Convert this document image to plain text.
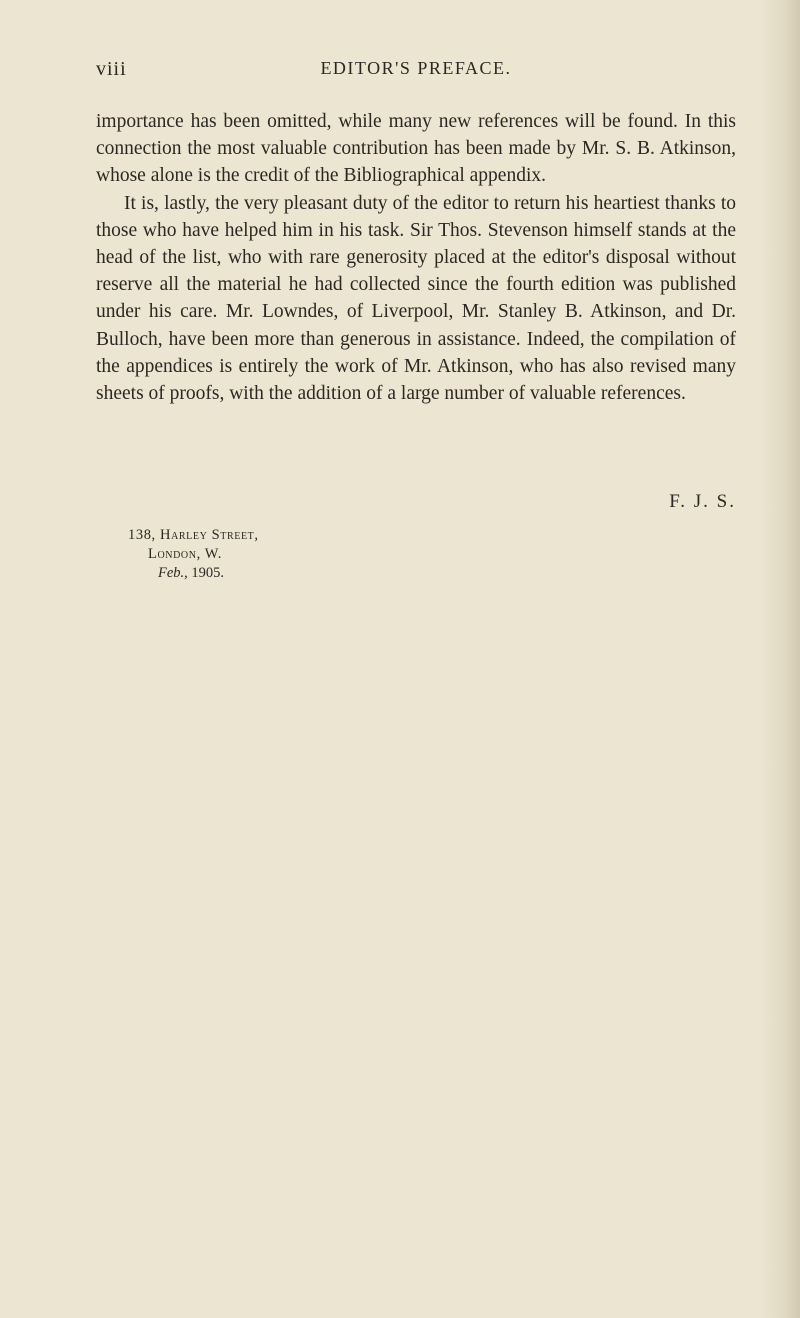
viii	EDITOR'S PREFACE.

importance has been omitted, while many new references will be found. In this connection the most valuable contribution has been made by Mr. S. B. Atkinson, whose alone is the credit of the Bibliographical appendix.

It is, lastly, the very pleasant duty of the editor to return his heartiest thanks to those who have helped him in his task. Sir Thos. Stevenson himself stands at the head of the list, who with rare generosity placed at the editor's disposal without reserve all the material he had collected since the fourth edition was published under his care. Mr. Lowndes, of Liverpool, Mr. Stanley B. Atkinson, and Dr. Bulloch, have been more than generous in assistance. Indeed, the compilation of the appendices is entirely the work of Mr. Atkinson, who has also revised many sheets of proofs, with the addition of a large number of valuable references.

F. J. S.
138, Harley Street,
London, W.
Feb., 1905.
